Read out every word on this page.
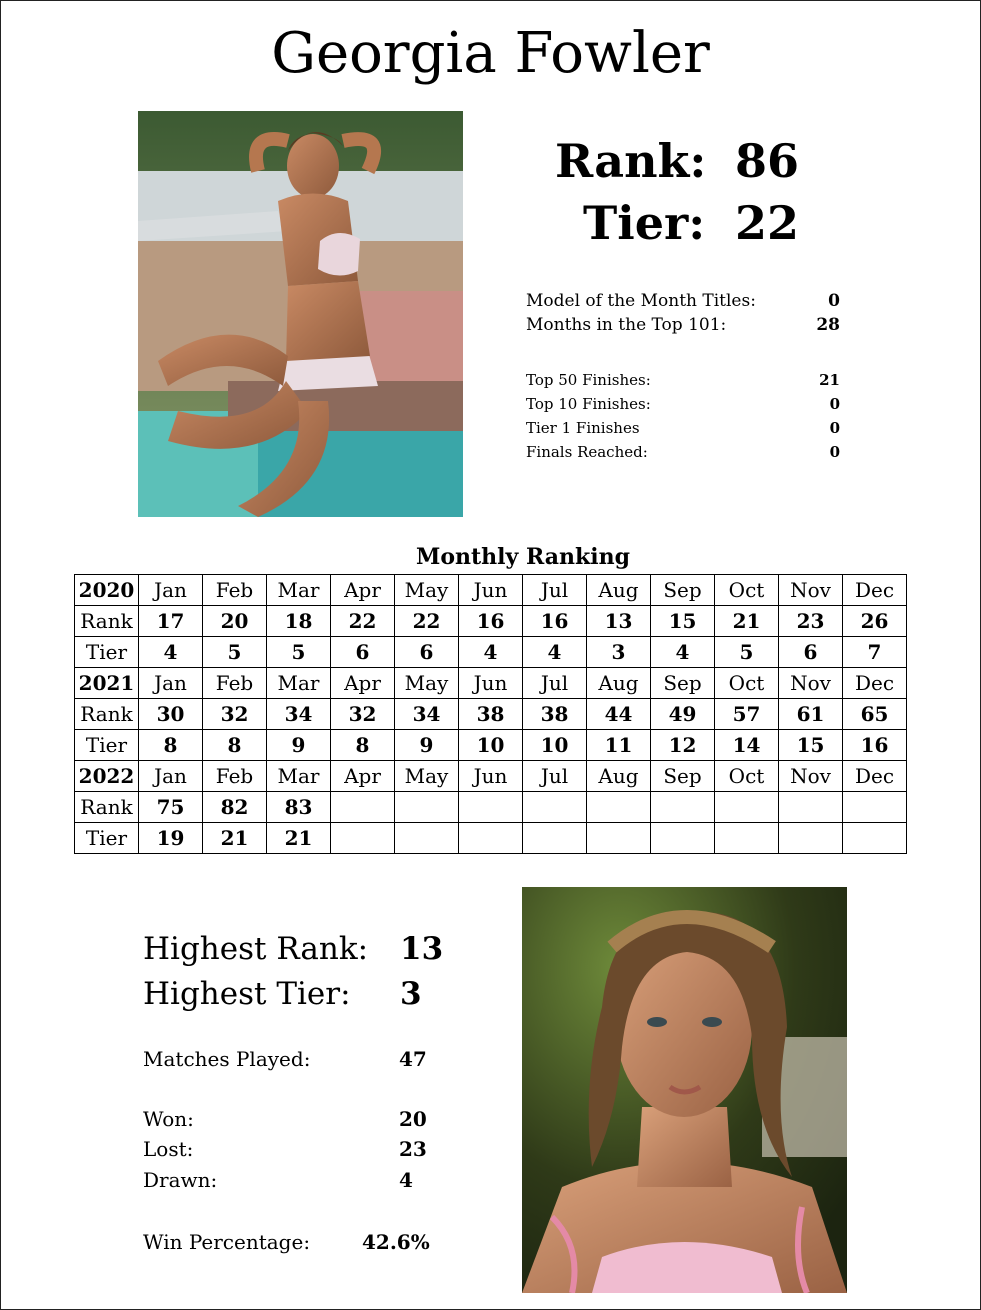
Georgia Fowler
Rank: 86
Tier: 22
Model of the Month Titles:	0
Months in the Top 101:	28
Top 50 Finishes:	21
Top 10 Finishes:	0
Tier 1 Finishes	0
Finals Reached:	0
Monthly Ranking
2020	Jan	Feb	Mar	Apr	May	Jun	Jul	Aug	Sep	Oct	Nov	Dec
Rank	17	20	18	22	22	16	16	13	15	21	23	26
Tier	4	5	5	6	6	4	4	3	4	5	6	7
2021	Jan	Feb	Mar	Apr	May	Jun	Jul	Aug	Sep	Oct	Nov	Dec
Rank	30	32	34	32	34	38	38	44	49	57	61	65
Tier	8	8	9	8	9	10	10	11	12	14	15	16
2022	Jan	Feb	Mar	Apr	May	Jun	Jul	Aug	Sep	Oct	Nov	Dec
Rank	75	82	83									
Tier	19	21	21									
Highest Rank: 13
Highest Tier: 3
Matches Played:	47
Won:	20
Lost:	23
Drawn:	4
Win Percentage:	42.6%
